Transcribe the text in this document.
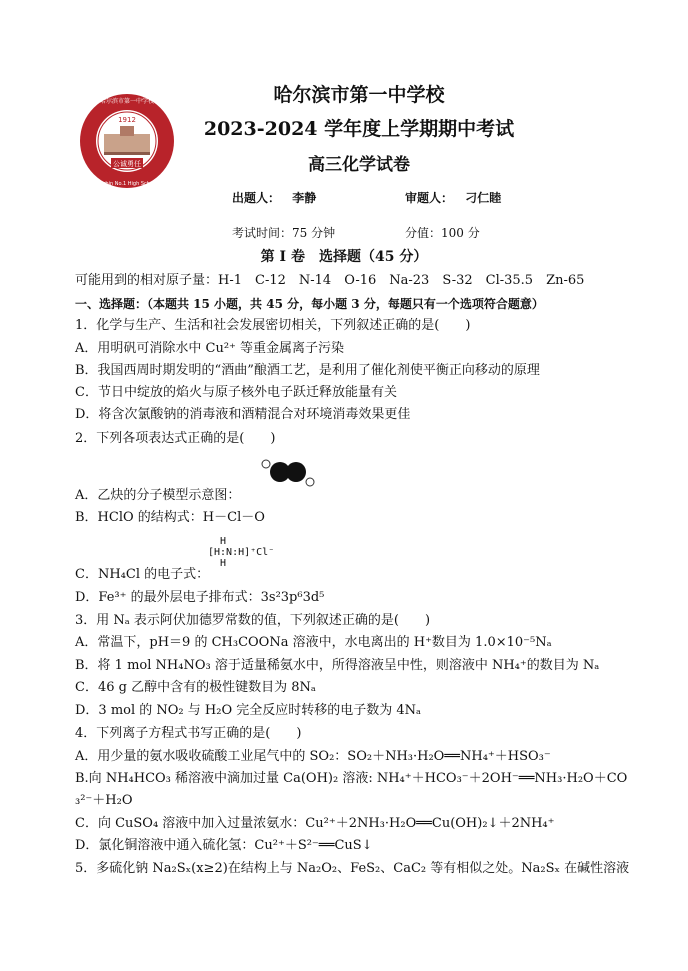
1912
公诚勇任
哈尔滨市第一中学校
Harbin No.1 High School
哈尔滨市第一中学校
2023-2024 学年度上学期期中考试
高三化学试卷
出题人： 李静	审题人： 刁仁睦
考试时间：75 分钟	分值：100 分
第 I 卷　选择题（45 分）
可能用到的相对原子量：H-1　C-12　N-14　O-16　Na-23　S-32　Cl-35.5　Zn-65
一、选择题：（本题共 15 小题，共 45 分，每小题 3 分，每题只有一个选项符合题意）
1．化学与生产、生活和社会发展密切相关，下列叙述正确的是(　　)
A．用明矾可消除水中 Cu²⁺ 等重金属离子污染
B．我国西周时期发明的“酒曲”酿酒工艺，是利用了催化剂使平衡正向移动的原理
C．节日中绽放的焰火与原子核外电子跃迁释放能量有关
D．将含次氯酸钠的消毒液和酒精混合对环境消毒效果更佳
2．下列各项表达式正确的是(　　)
A．乙炔的分子模型示意图：
B．HClO 的结构式：H－Cl－O
H
[H:N:H]⁺Cl⁻
H
C．NH₄Cl 的电子式：
D．Fe³⁺ 的最外层电子排布式：3s²3p⁶3d⁵
3．用 Nₐ 表示阿伏加德罗常数的值，下列叙述正确的是(　　)
A．常温下，pH＝9 的 CH₃COONa 溶液中，水电离出的 H⁺数目为 1.0×10⁻⁵Nₐ
B．将 1 mol NH₄NO₃ 溶于适量稀氨水中，所得溶液呈中性，则溶液中 NH₄⁺的数目为 Nₐ
C．46 g 乙醇中含有的极性键数目为 8Nₐ
D．3 mol 的 NO₂ 与 H₂O 完全反应时转移的电子数为 4Nₐ
4．下列离子方程式书写正确的是(　　)
A．用少量的氨水吸收硫酸工业尾气中的 SO₂：SO₂＋NH₃·H₂O══NH₄⁺＋HSO₃⁻
B.向 NH₄HCO₃ 稀溶液中滴加过量 Ca(OH)₂ 溶液: NH₄⁺＋HCO₃⁻＋2OH⁻══NH₃·H₂O＋CO
₃²⁻＋H₂O
C．向 CuSO₄ 溶液中加入过量浓氨水：Cu²⁺＋2NH₃·H₂O══Cu(OH)₂↓＋2NH₄⁺
D．氯化铜溶液中通入硫化氢：Cu²⁺＋S²⁻══CuS↓
5．多硫化钠 Na₂Sₓ(x≥2)在结构上与 Na₂O₂、FeS₂、CaC₂ 等有相似之处。Na₂Sₓ 在碱性溶液
